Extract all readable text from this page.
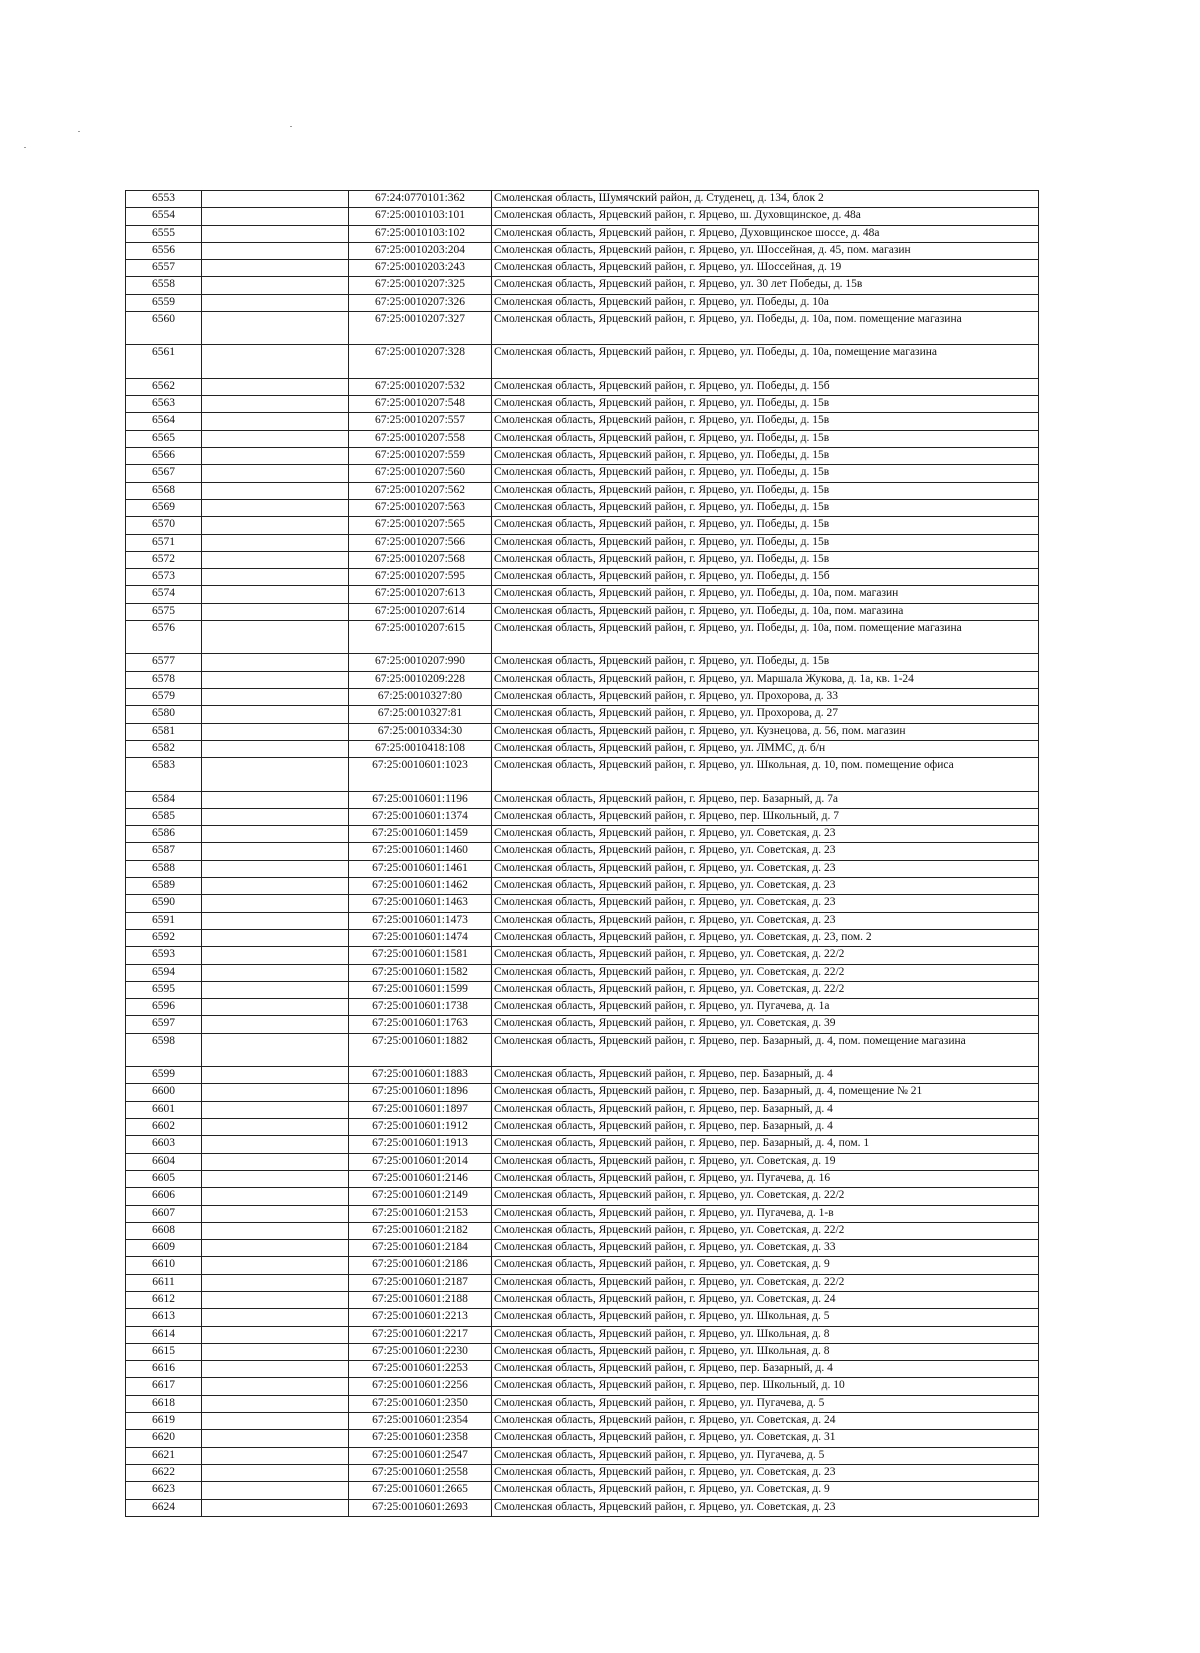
6553		67:24:0770101:362	Смоленская область, Шумячский район, д. Студенец, д. 134, блок 2
6554		67:25:0010103:101	Смоленская область, Ярцевский район, г. Ярцево, ш. Духовщинское, д. 48а
6555		67:25:0010103:102	Смоленская область, Ярцевский район, г. Ярцево, Духовщинское шоссе, д. 48а
6556		67:25:0010203:204	Смоленская область, Ярцевский район, г. Ярцево, ул. Шоссейная, д. 45, пом. магазин
6557		67:25:0010203:243	Смоленская область, Ярцевский район, г. Ярцево, ул. Шоссейная, д. 19
6558		67:25:0010207:325	Смоленская область, Ярцевский район, г. Ярцево, ул. 30 лет Победы, д. 15в
6559		67:25:0010207:326	Смоленская область, Ярцевский район, г. Ярцево, ул. Победы, д. 10а
6560		67:25:0010207:327	Смоленская область, Ярцевский район, г. Ярцево, ул. Победы, д. 10а, пом. помещение магазина
6561		67:25:0010207:328	Смоленская область, Ярцевский район, г. Ярцево, ул. Победы, д. 10а, помещение магазина
6562		67:25:0010207:532	Смоленская область, Ярцевский район, г. Ярцево, ул. Победы, д. 15б
6563		67:25:0010207:548	Смоленская область, Ярцевский район, г. Ярцево, ул. Победы, д. 15в
6564		67:25:0010207:557	Смоленская область, Ярцевский район, г. Ярцево, ул. Победы, д. 15в
6565		67:25:0010207:558	Смоленская область, Ярцевский район, г. Ярцево, ул. Победы, д. 15в
6566		67:25:0010207:559	Смоленская область, Ярцевский район, г. Ярцево, ул. Победы, д. 15в
6567		67:25:0010207:560	Смоленская область, Ярцевский район, г. Ярцево, ул. Победы, д. 15в
6568		67:25:0010207:562	Смоленская область, Ярцевский район, г. Ярцево, ул. Победы, д. 15в
6569		67:25:0010207:563	Смоленская область, Ярцевский район, г. Ярцево, ул. Победы, д. 15в
6570		67:25:0010207:565	Смоленская область, Ярцевский район, г. Ярцево, ул. Победы, д. 15в
6571		67:25:0010207:566	Смоленская область, Ярцевский район, г. Ярцево, ул. Победы, д. 15в
6572		67:25:0010207:568	Смоленская область, Ярцевский район, г. Ярцево, ул. Победы, д. 15в
6573		67:25:0010207:595	Смоленская область, Ярцевский район, г. Ярцево, ул. Победы, д. 15б
6574		67:25:0010207:613	Смоленская область, Ярцевский район, г. Ярцево, ул. Победы, д. 10а, пом. магазин
6575		67:25:0010207:614	Смоленская область, Ярцевский район, г. Ярцево, ул. Победы, д. 10а, пом. магазина
6576		67:25:0010207:615	Смоленская область, Ярцевский район, г. Ярцево, ул. Победы, д. 10а, пом. помещение магазина
6577		67:25:0010207:990	Смоленская область, Ярцевский район, г. Ярцево, ул. Победы, д. 15в
6578		67:25:0010209:228	Смоленская область, Ярцевский район, г. Ярцево, ул. Маршала Жукова, д. 1а, кв. 1-24
6579		67:25:0010327:80	Смоленская область, Ярцевский район, г. Ярцево, ул. Прохорова, д. 33
6580		67:25:0010327:81	Смоленская область, Ярцевский район, г. Ярцево, ул. Прохорова, д. 27
6581		67:25:0010334:30	Смоленская область, Ярцевский район, г. Ярцево, ул. Кузнецова, д. 56, пом. магазин
6582		67:25:0010418:108	Смоленская область, Ярцевский район, г. Ярцево, ул. ЛММС, д. б/н
6583		67:25:0010601:1023	Смоленская область, Ярцевский район, г. Ярцево, ул. Школьная, д. 10, пом. помещение офиса
6584		67:25:0010601:1196	Смоленская область, Ярцевский район, г. Ярцево, пер. Базарный, д. 7а
6585		67:25:0010601:1374	Смоленская область, Ярцевский район, г. Ярцево, пер. Школьный, д. 7
6586		67:25:0010601:1459	Смоленская область, Ярцевский район, г. Ярцево, ул. Советская, д. 23
6587		67:25:0010601:1460	Смоленская область, Ярцевский район, г. Ярцево, ул. Советская, д. 23
6588		67:25:0010601:1461	Смоленская область, Ярцевский район, г. Ярцево, ул. Советская, д. 23
6589		67:25:0010601:1462	Смоленская область, Ярцевский район, г. Ярцево, ул. Советская, д. 23
6590		67:25:0010601:1463	Смоленская область, Ярцевский район, г. Ярцево, ул. Советская, д. 23
6591		67:25:0010601:1473	Смоленская область, Ярцевский район, г. Ярцево, ул. Советская, д. 23
6592		67:25:0010601:1474	Смоленская область, Ярцевский район, г. Ярцево, ул. Советская, д. 23, пом. 2
6593		67:25:0010601:1581	Смоленская область, Ярцевский район, г. Ярцево, ул. Советская, д. 22/2
6594		67:25:0010601:1582	Смоленская область, Ярцевский район, г. Ярцево, ул. Советская, д. 22/2
6595		67:25:0010601:1599	Смоленская область, Ярцевский район, г. Ярцево, ул. Советская, д. 22/2
6596		67:25:0010601:1738	Смоленская область, Ярцевский район, г. Ярцево, ул. Пугачева, д. 1а
6597		67:25:0010601:1763	Смоленская область, Ярцевский район, г. Ярцево, ул. Советская, д. 39
6598		67:25:0010601:1882	Смоленская область, Ярцевский район, г. Ярцево, пер. Базарный, д. 4, пом. помещение магазина
6599		67:25:0010601:1883	Смоленская область, Ярцевский район, г. Ярцево, пер. Базарный, д. 4
6600		67:25:0010601:1896	Смоленская область, Ярцевский район, г. Ярцево, пер. Базарный, д. 4, помещение № 21
6601		67:25:0010601:1897	Смоленская область, Ярцевский район, г. Ярцево, пер. Базарный, д. 4
6602		67:25:0010601:1912	Смоленская область, Ярцевский район, г. Ярцево, пер. Базарный, д. 4
6603		67:25:0010601:1913	Смоленская область, Ярцевский район, г. Ярцево, пер. Базарный, д. 4, пом. 1
6604		67:25:0010601:2014	Смоленская область, Ярцевский район, г. Ярцево, ул. Советская, д. 19
6605		67:25:0010601:2146	Смоленская область, Ярцевский район, г. Ярцево, ул. Пугачева, д. 16
6606		67:25:0010601:2149	Смоленская область, Ярцевский район, г. Ярцево, ул. Советская, д. 22/2
6607		67:25:0010601:2153	Смоленская область, Ярцевский район, г. Ярцево, ул. Пугачева, д. 1-в
6608		67:25:0010601:2182	Смоленская область, Ярцевский район, г. Ярцево, ул. Советская, д. 22/2
6609		67:25:0010601:2184	Смоленская область, Ярцевский район, г. Ярцево, ул. Советская, д. 33
6610		67:25:0010601:2186	Смоленская область, Ярцевский район, г. Ярцево, ул. Советская, д. 9
6611		67:25:0010601:2187	Смоленская область, Ярцевский район, г. Ярцево, ул. Советская, д. 22/2
6612		67:25:0010601:2188	Смоленская область, Ярцевский район, г. Ярцево, ул. Советская, д. 24
6613		67:25:0010601:2213	Смоленская область, Ярцевский район, г. Ярцево, ул. Школьная, д. 5
6614		67:25:0010601:2217	Смоленская область, Ярцевский район, г. Ярцево, ул. Школьная, д. 8
6615		67:25:0010601:2230	Смоленская область, Ярцевский район, г. Ярцево, ул. Школьная, д. 8
6616		67:25:0010601:2253	Смоленская область, Ярцевский район, г. Ярцево, пер. Базарный, д. 4
6617		67:25:0010601:2256	Смоленская область, Ярцевский район, г. Ярцево, пер. Школьный, д. 10
6618		67:25:0010601:2350	Смоленская область, Ярцевский район, г. Ярцево, ул. Пугачева, д. 5
6619		67:25:0010601:2354	Смоленская область, Ярцевский район, г. Ярцево, ул. Советская, д. 24
6620		67:25:0010601:2358	Смоленская область, Ярцевский район, г. Ярцево, ул. Советская, д. 31
6621		67:25:0010601:2547	Смоленская область, Ярцевский район, г. Ярцево, ул. Пугачева, д. 5
6622		67:25:0010601:2558	Смоленская область, Ярцевский район, г. Ярцево, ул. Советская, д. 23
6623		67:25:0010601:2665	Смоленская область, Ярцевский район, г. Ярцево, ул. Советская, д. 9
6624		67:25:0010601:2693	Смоленская область, Ярцевский район, г. Ярцево, ул. Советская, д. 23
